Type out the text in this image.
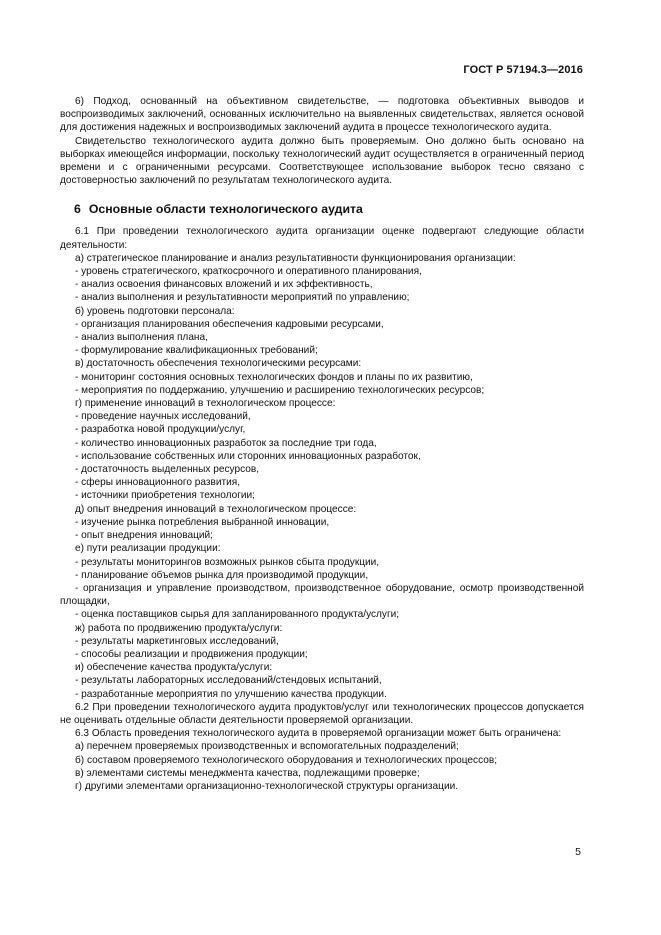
ГОСТ Р 57194.3—2016

6) Подход, основанный на объективном свидетельстве, — подготовка объективных выводов и воспроизводимых заключений, основанных исключительно на выявленных свидетельствах, является основой для достижения надежных и воспроизводимых заключений аудита в процессе технологического аудита.

Свидетельство технологического аудита должно быть проверяемым. Оно должно быть основано на выборках имеющейся информации, поскольку технологический аудит осуществляется в ограниченный период времени и с ограниченными ресурсами. Соответствующее использование выборок тесно связано с достоверностью заключений по результатам технологического аудита.

6 Основные области технологического аудита

6.1 При проведении технологического аудита организации оценке подвергают следующие области деятельности:

а) стратегическое планирование и анализ результативности функционирования организации:

- уровень стратегического, краткосрочного и оперативного планирования,

- анализ освоения финансовых вложений и их эффективность,

- анализ выполнения и результативности мероприятий по управлению;

б) уровень подготовки персонала:

- организация планирования обеспечения кадровыми ресурсами,

- анализ выполнения плана,

- формулирование квалификационных требований;

в) достаточность обеспечения технологическими ресурсами:

- мониторинг состояния основных технологических фондов и планы по их развитию,

- мероприятия по поддержанию, улучшению и расширению технологических ресурсов;

г) применение инноваций в технологическом процессе:

- проведение научных исследований,

- разработка новой продукции/услуг,

- количество инновационных разработок за последние три года,

- использование собственных или сторонних инновационных разработок,

- достаточность выделенных ресурсов,

- сферы инновационного развития,

- источники приобретения технологии;

д) опыт внедрения инноваций в технологическом процессе:

- изучение рынка потребления выбранной инновации,

- опыт внедрения инноваций;

е) пути реализации продукции:

- результаты мониторингов возможных рынков сбыта продукции,

- планирование объемов рынка для производимой продукции,

- организация и управление производством, производственное оборудование, осмотр производственной площадки,

- оценка поставщиков сырья для запланированного продукта/услуги;

ж) работа по продвижению продукта/услуги:

- результаты маркетинговых исследований,

- способы реализации и продвижения продукции;

и) обеспечение качества продукта/услуги:

- результаты лабораторных исследований/стендовых испытаний,

- разработанные мероприятия по улучшению качества продукции.

6.2 При проведении технологического аудита продуктов/услуг или технологических процессов допускается не оценивать отдельные области деятельности проверяемой организации.

6.3 Область проведения технологического аудита в проверяемой организации может быть ограничена:

а) перечнем проверяемых производственных и вспомогательных подразделений;

б) составом проверяемого технологического оборудования и технологических процессов;

в) элементами системы менеджмента качества, подлежащими проверке;

г) другими элементами организационно-технологической структуры организации.

5
